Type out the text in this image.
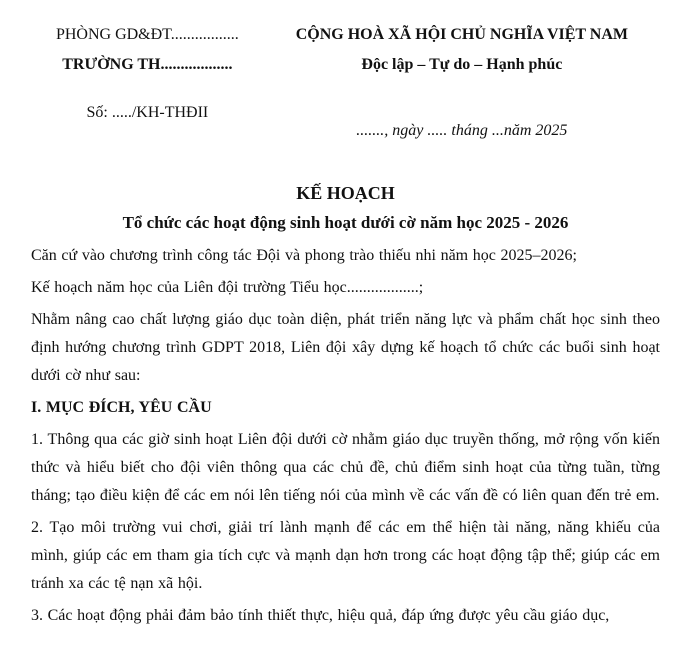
PHÒNG GD&ĐT.................
TRƯỜNG TH..................
Số: ...../KH-THĐII
CỘNG HOÀ XÃ HỘI CHỦ NGHĨA VIỆT NAM
Độc lập – Tự do – Hạnh phúc
......., ngày ..... tháng ...năm 2025
KẾ HOẠCH
Tổ chức các hoạt động sinh hoạt dưới cờ năm học 2025 - 2026

Căn cứ vào chương trình công tác Đội và phong trào thiếu nhi năm học 2025–2026;

Kế hoạch năm học của Liên đội trường Tiểu học..................;

Nhằm nâng cao chất lượng giáo dục toàn diện, phát triển năng lực và phẩm chất học sinh theo định hướng chương trình GDPT 2018, Liên đội xây dựng kế hoạch tổ chức các buổi sinh hoạt dưới cờ như sau:

I. MỤC ĐÍCH, YÊU CẦU

1. Thông qua các giờ sinh hoạt Liên đội dưới cờ nhằm giáo dục truyền thống, mở rộng vốn kiến thức và hiểu biết cho đội viên thông qua các chủ đề, chủ điểm sinh hoạt của từng tuần, từng tháng; tạo điều kiện để các em nói lên tiếng nói của mình về các vấn đề có liên quan đến trẻ em.

2. Tạo môi trường vui chơi, giải trí lành mạnh để các em thể hiện tài năng, năng khiếu của mình, giúp các em tham gia tích cực và mạnh dạn hơn trong các hoạt động tập thể; giúp các em tránh xa các tệ nạn xã hội.

3. Các hoạt động phải đảm bảo tính thiết thực, hiệu quả, đáp ứng được yêu cầu giáo dục,
